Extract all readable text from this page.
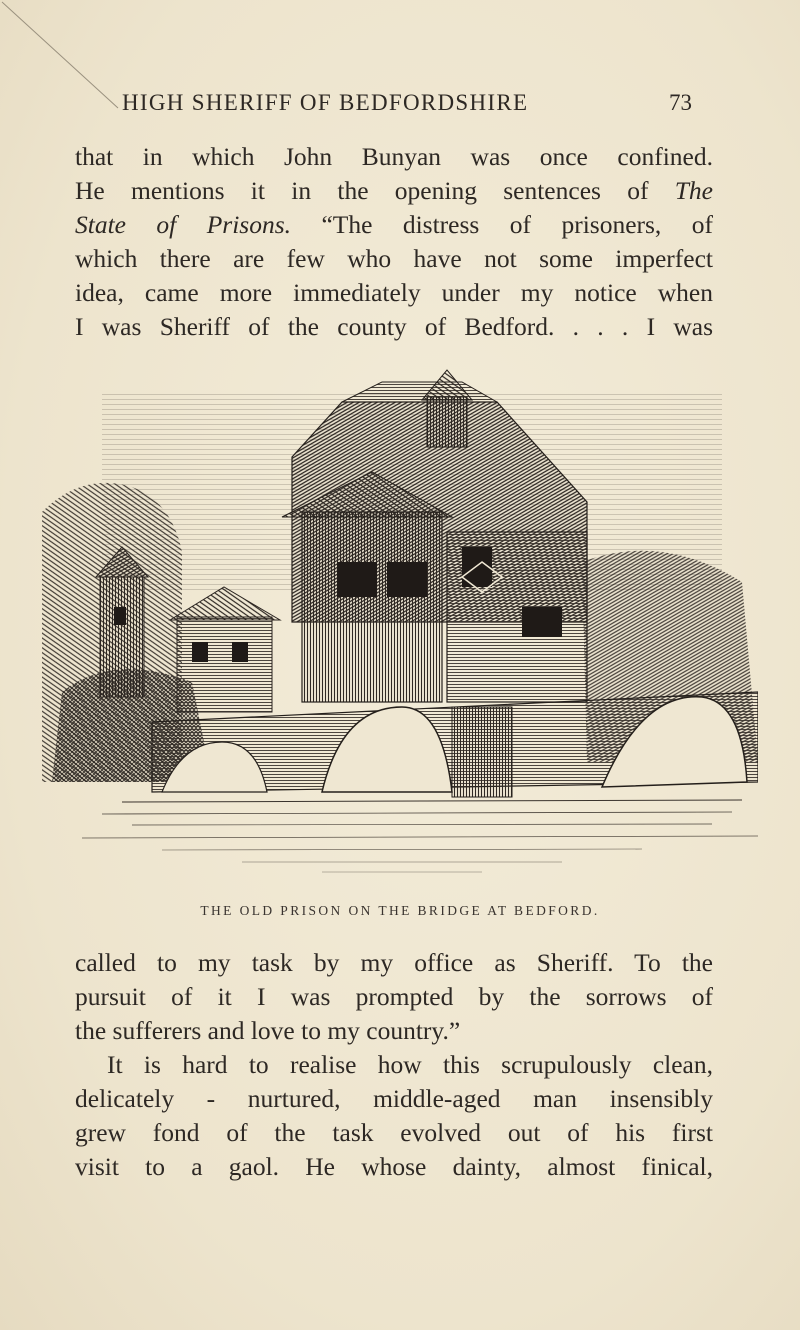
HIGH SHERIFF OF BEDFORDSHIRE	73
that in which John Bunyan was once confined.
He mentions it in the opening sentences of The
State of Prisons. “The distress of prisoners, of
which there are few who have not some imperfect
idea, came more immediately under my notice when
I was Sheriff of the county of Bedford. . . . I was
THE OLD PRISON ON THE BRIDGE AT BEDFORD.
called to my task by my office as Sheriff. To the
pursuit of it I was prompted by the sorrows of
the sufferers and love to my country.”
It is hard to realise how this scrupulously clean,
delicately - nurtured, middle-aged man insensibly
grew fond of the task evolved out of his first
visit to a gaol. He whose dainty, almost finical,
